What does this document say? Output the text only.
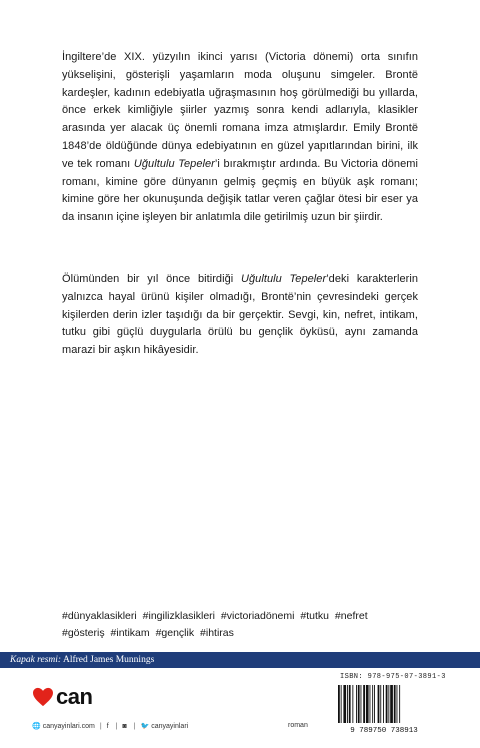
İngiltere’de XIX. yüzyılın ikinci yarısı (Victoria dönemi) orta sınıfın yükselişini, gösterişli yaşamların moda oluşunu simgeler. Brontë kardeşler, kadının edebiyatla uğraşmasının hoş görülmediği bu yıllarda, önce erkek kimliğiyle şiirler yazmış sonra kendi adlarıyla, klasikler arasında yer alacak üç önemli romana imza atmışlardır. Emily Brontë 1848’de öldüğünde dünya edebiyatının en güzel yapıtlarından birini, ilk ve tek romanı Uğultulu Tepeler’i bırakmıştır ardında. Bu Victoria dönemi romanı, kimine göre dünyanın gelmiş geçmiş en büyük aşk romanı; kimine göre her okunuşunda değişik tatlar veren çağlar ötesi bir eser ya da insanın içine işleyen bir anlatımla dile getirilmiş uzun bir şiirdir.

Ölümünden bir yıl önce bitirdiği Uğultulu Tepeler’deki karakterlerin yalnızca hayal ürünü kişiler olmadığı, Brontë’nin çevresindeki gerçek kişilerden derin izler taşıdığı da bir gerçektir. Sevgi, kin, nefret, intikam, tutku gibi güçlü duygularla örülü bu gençlik öyküsü, aynı zamanda marazi bir aşkın hikâyesidir.

#dünyaklasikleri #ingilizklasikleri #victoriadönemi #tutku #nefret
#gösteriş #intikam #gençlik #ihtiras
Kapak resmi: Alfred James Munnings
can
🌐 canyayinlari.com | f | ◙ | 🐦 canyayinlari	roman
ISBN: 978-975-07-3891-3
9 789750 738913
